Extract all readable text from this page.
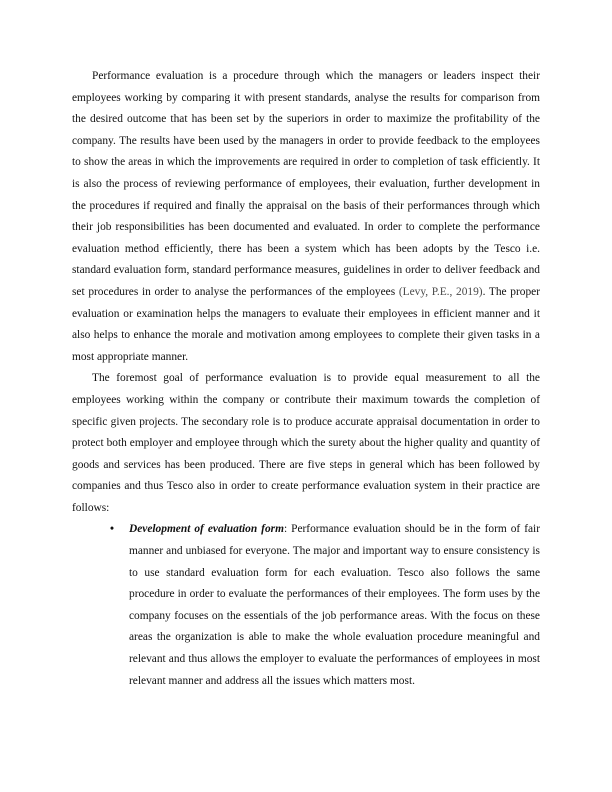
Performance evaluation is a procedure through which the managers or leaders inspect their employees working by comparing it with present standards, analyse the results for comparison from the desired outcome that has been set by the superiors in order to maximize the profitability of the company. The results have been used by the managers in order to provide feedback to the employees to show the areas in which the improvements are required in order to completion of task efficiently. It is also the process of reviewing performance of employees, their evaluation, further development in the procedures if required and finally the appraisal on the basis of their performances through which their job responsibilities has been documented and evaluated. In order to complete the performance evaluation method efficiently, there has been a system which has been adopts by the Tesco i.e. standard evaluation form, standard performance measures, guidelines in order to deliver feedback and set procedures in order to analyse the performances of the employees (Levy, P.E., 2019). The proper evaluation or examination helps the managers to evaluate their employees in efficient manner and it also helps to enhance the morale and motivation among employees to complete their given tasks in a most appropriate manner.

The foremost goal of performance evaluation is to provide equal measurement to all the employees working within the company or contribute their maximum towards the completion of specific given projects. The secondary role is to produce accurate appraisal documentation in order to protect both employer and employee through which the surety about the higher quality and quantity of goods and services has been produced. There are five steps in general which has been followed by companies and thus Tesco also in order to create performance evaluation system in their practice are follows:

• Development of evaluation form: Performance evaluation should be in the form of fair manner and unbiased for everyone. The major and important way to ensure consistency is to use standard evaluation form for each evaluation. Tesco also follows the same procedure in order to evaluate the performances of their employees. The form uses by the company focuses on the essentials of the job performance areas. With the focus on these areas the organization is able to make the whole evaluation procedure meaningful and relevant and thus allows the employer to evaluate the performances of employees in most relevant manner and address all the issues which matters most.
